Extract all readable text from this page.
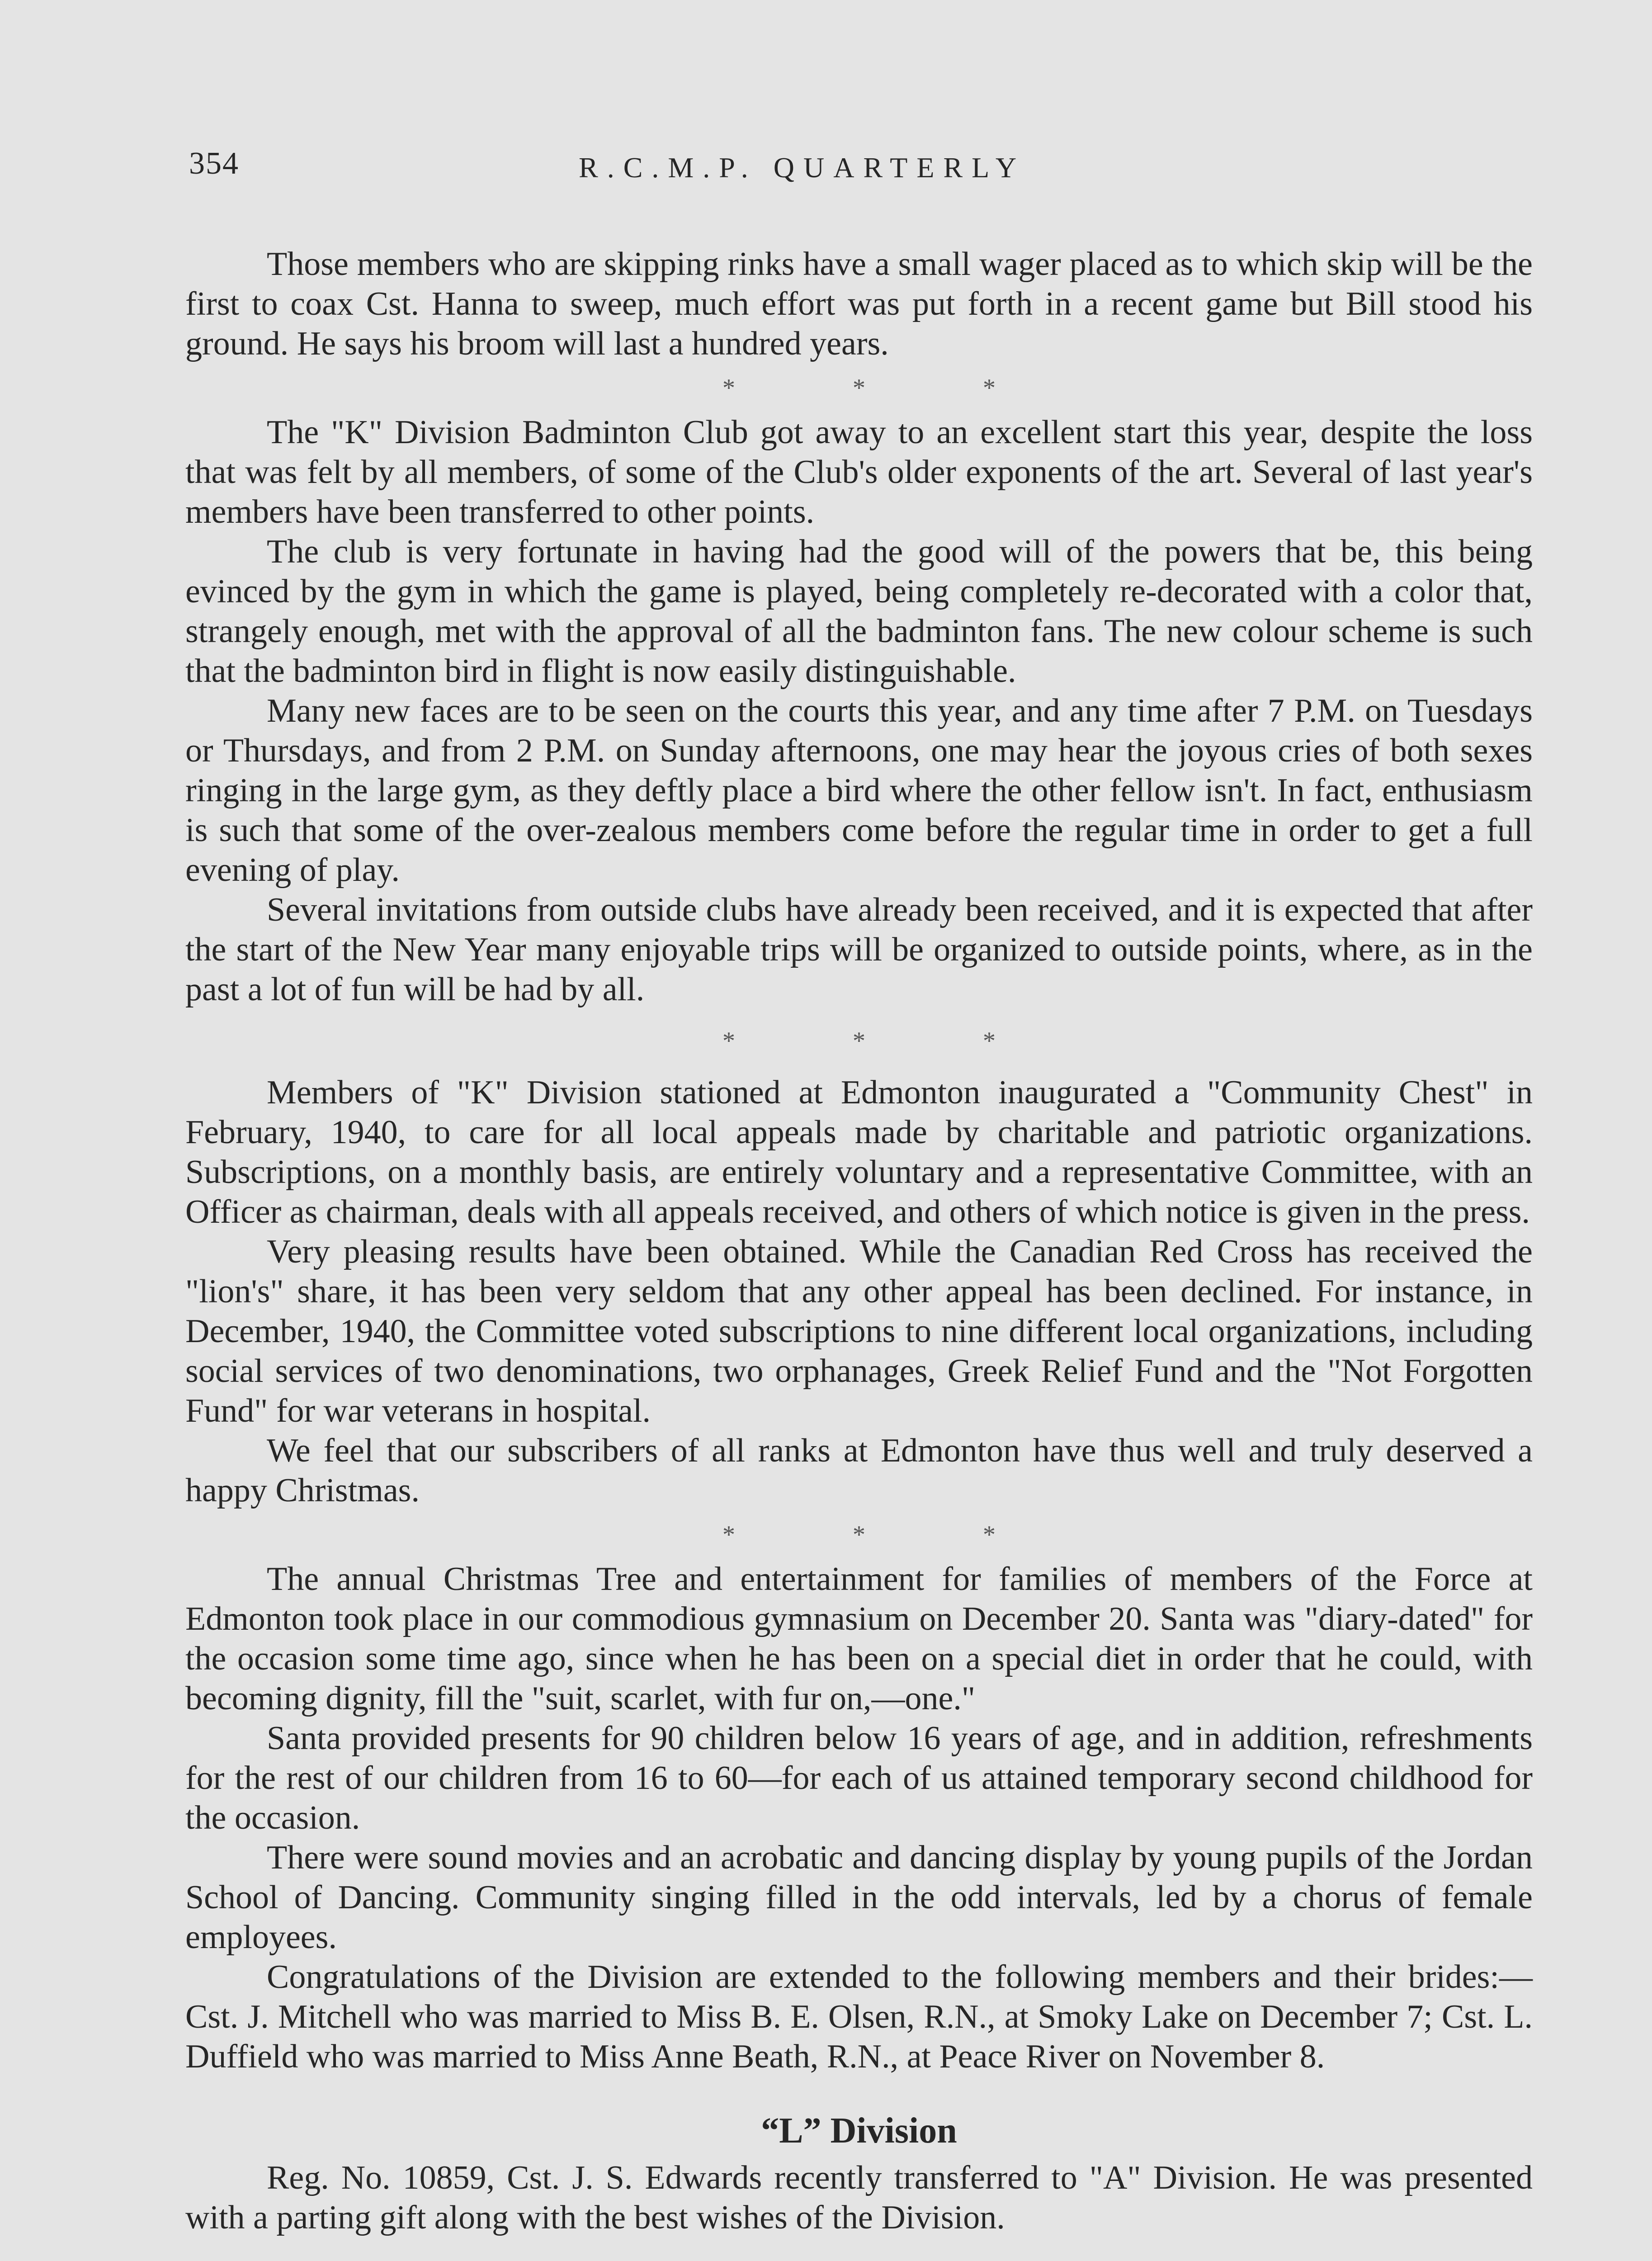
354	R.C.M.P. QUARTERLY

Those members who are skipping rinks have a small wager placed as to which skip will be the first to coax Cst. Hanna to sweep, much effort was put forth in a recent game but Bill stood his ground. He says his broom will last a hundred years.

*	*	*

The "K" Division Badminton Club got away to an excellent start this year, despite the loss that was felt by all members, of some of the Club's older exponents of the art. Several of last year's members have been transferred to other points.

The club is very fortunate in having had the good will of the powers that be, this being evinced by the gym in which the game is played, being completely re-decorated with a color that, strangely enough, met with the approval of all the badminton fans. The new colour scheme is such that the badminton bird in flight is now easily distinguishable.

Many new faces are to be seen on the courts this year, and any time after 7 P.M. on Tuesdays or Thursdays, and from 2 P.M. on Sunday afternoons, one may hear the joyous cries of both sexes ringing in the large gym, as they deftly place a bird where the other fellow isn't. In fact, enthusiasm is such that some of the over-zealous members come before the regular time in order to get a full evening of play.

Several invitations from outside clubs have already been received, and it is expected that after the start of the New Year many enjoyable trips will be organized to outside points, where, as in the past a lot of fun will be had by all.

*	*	*

Members of "K" Division stationed at Edmonton inaugurated a "Community Chest" in February, 1940, to care for all local appeals made by charitable and patriotic organizations. Subscriptions, on a monthly basis, are entirely voluntary and a representative Committee, with an Officer as chairman, deals with all appeals received, and others of which notice is given in the press.

Very pleasing results have been obtained. While the Canadian Red Cross has received the "lion's" share, it has been very seldom that any other appeal has been declined. For instance, in December, 1940, the Committee voted subscriptions to nine different local organizations, including social services of two denominations, two orphanages, Greek Relief Fund and the "Not Forgotten Fund" for war veterans in hospital.

We feel that our subscribers of all ranks at Edmonton have thus well and truly deserved a happy Christmas.

*	*	*

The annual Christmas Tree and entertainment for families of members of the Force at Edmonton took place in our commodious gymnasium on December 20. Santa was "diary-dated" for the occasion some time ago, since when he has been on a special diet in order that he could, with becoming dignity, fill the "suit, scarlet, with fur on,—one."

Santa provided presents for 90 children below 16 years of age, and in addition, refreshments for the rest of our children from 16 to 60—for each of us attained temporary second childhood for the occasion.

There were sound movies and an acrobatic and dancing display by young pupils of the Jordan School of Dancing. Community singing filled in the odd intervals, led by a chorus of female employees.

Congratulations of the Division are extended to the following members and their brides:—Cst. J. Mitchell who was married to Miss B. E. Olsen, R.N., at Smoky Lake on December 7; Cst. L. Duffield who was married to Miss Anne Beath, R.N., at Peace River on November 8.

“L” Division

Reg. No. 10859, Cst. J. S. Edwards recently transferred to "A" Division. He was presented with a parting gift along with the best wishes of the Division.
